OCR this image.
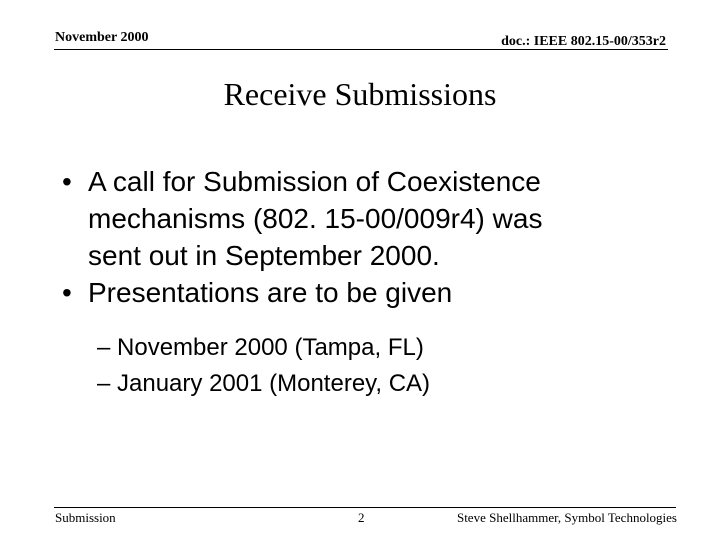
November 2000	doc.: IEEE 802.15-00/353r2
Receive Submissions
• A call for Submission of Coexistence
mechanisms (802. 15-00/009r4) was
sent out in September 2000.
• Presentations are to be given
– November 2000 (Tampa, FL)
– January 2001 (Monterey, CA)
Submission	2	Steve Shellhammer, Symbol Technologies
